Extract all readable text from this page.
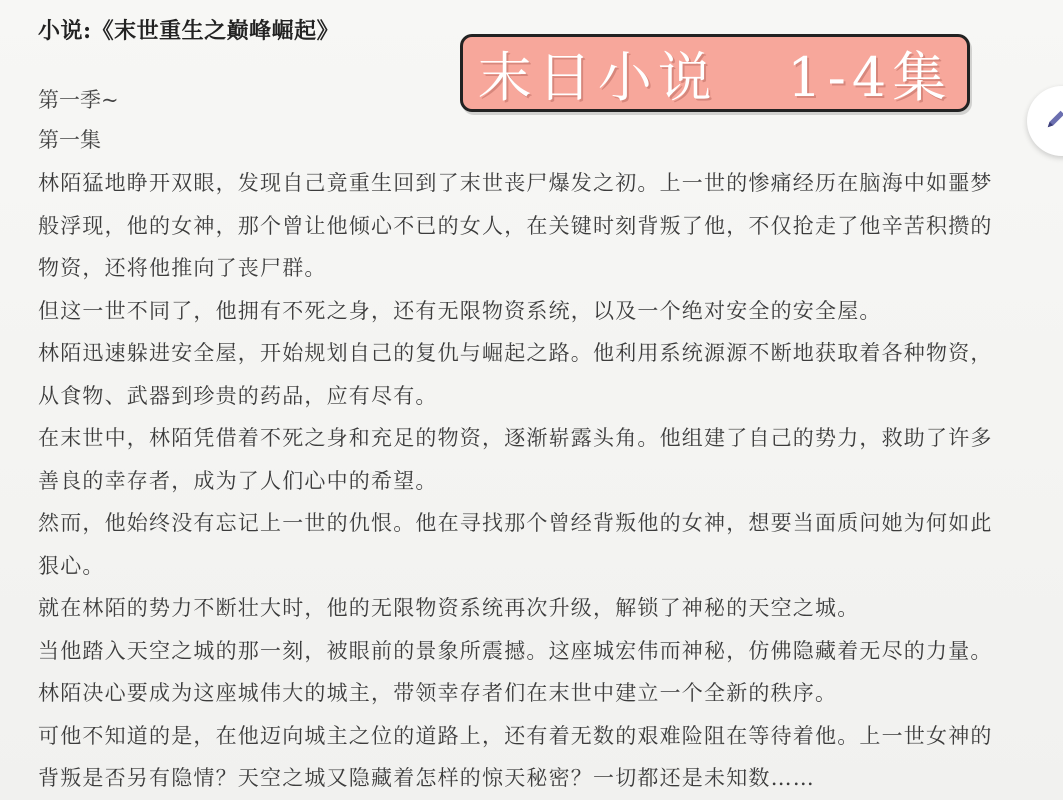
小说:《末世重生之巅峰崛起》
末日小说   1-4集
第一季~
第一集

林陌猛地睁开双眼，发现自己竟重生回到了末世丧尸爆发之初。上一世的惨痛经历在脑海中如噩梦般浮现，他的女神，那个曾让他倾心不已的女人，在关键时刻背叛了他，不仅抢走了他辛苦积攒的物资，还将他推向了丧尸群。

但这一世不同了，他拥有不死之身，还有无限物资系统，以及一个绝对安全的安全屋。

林陌迅速躲进安全屋，开始规划自己的复仇与崛起之路。他利用系统源源不断地获取着各种物资，从食物、武器到珍贵的药品，应有尽有。

在末世中，林陌凭借着不死之身和充足的物资，逐渐崭露头角。他组建了自己的势力，救助了许多善良的幸存者，成为了人们心中的希望。

然而，他始终没有忘记上一世的仇恨。他在寻找那个曾经背叛他的女神，想要当面质问她为何如此狠心。

就在林陌的势力不断壮大时，他的无限物资系统再次升级，解锁了神秘的天空之城。

当他踏入天空之城的那一刻，被眼前的景象所震撼。这座城宏伟而神秘，仿佛隐藏着无尽的力量。林陌决心要成为这座城伟大的城主，带领幸存者们在末世中建立一个全新的秩序。

可他不知道的是，在他迈向城主之位的道路上，还有着无数的艰难险阻在等待着他。上一世女神的背叛是否另有隐情？天空之城又隐藏着怎样的惊天秘密？一切都还是未知数……
